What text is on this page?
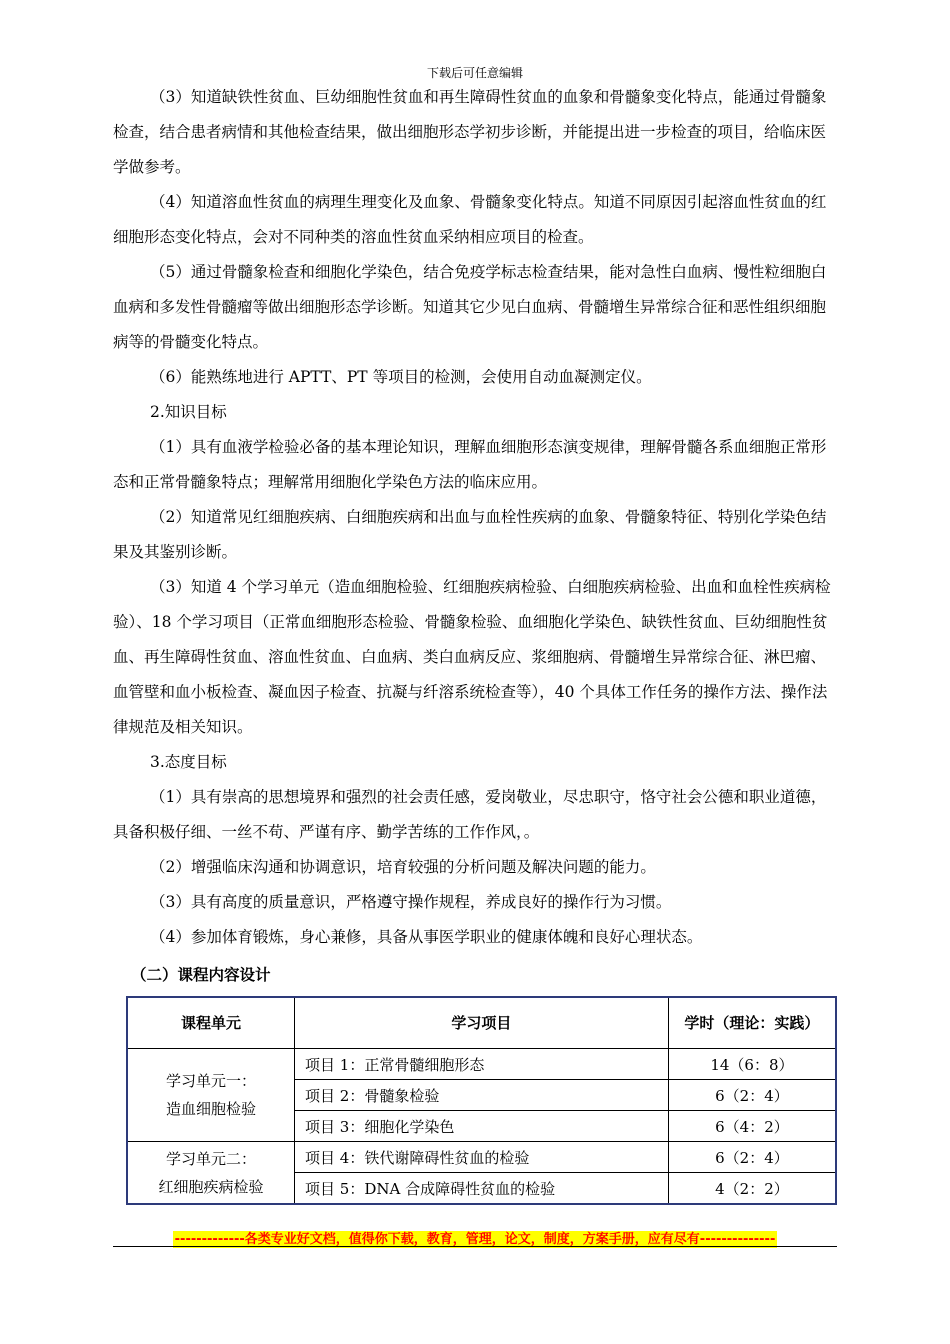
下载后可任意编辑

（3）知道缺铁性贫血、巨幼细胞性贫血和再生障碍性贫血的血象和骨髓象变化特点，能通过骨髓象检查，结合患者病情和其他检查结果，做出细胞形态学初步诊断，并能提出进一步检查的项目，给临床医学做参考。

（4）知道溶血性贫血的病理生理变化及血象、骨髓象变化特点。知道不同原因引起溶血性贫血的红细胞形态变化特点，会对不同种类的溶血性贫血采纳相应项目的检查。

（5）通过骨髓象检查和细胞化学染色，结合免疫学标志检查结果，能对急性白血病、慢性粒细胞白血病和多发性骨髓瘤等做出细胞形态学诊断。知道其它少见白血病、骨髓增生异常综合征和恶性组织细胞病等的骨髓变化特点。

（6）能熟练地进行 APTT、PT 等项目的检测，会使用自动血凝测定仪。

2.知识目标

（1）具有血液学检验必备的基本理论知识，理解血细胞形态演变规律，理解骨髓各系血细胞正常形态和正常骨髓象特点；理解常用细胞化学染色方法的临床应用。

（2）知道常见红细胞疾病、白细胞疾病和出血与血栓性疾病的血象、骨髓象特征、特别化学染色结果及其鉴别诊断。

（3）知道 4 个学习单元（造血细胞检验、红细胞疾病检验、白细胞疾病检验、出血和血栓性疾病检验）、18 个学习项目（正常血细胞形态检验、骨髓象检验、血细胞化学染色、缺铁性贫血、巨幼细胞性贫血、再生障碍性贫血、溶血性贫血、白血病、类白血病反应、浆细胞病、骨髓增生异常综合征、淋巴瘤、血管壁和血小板检查、凝血因子检查、抗凝与纤溶系统检查等），40 个具体工作任务的操作方法、操作法律规范及相关知识。

3.态度目标

（1）具有崇高的思想境界和强烈的社会责任感，爱岗敬业，尽忠职守，恪守社会公德和职业道德，具备积极仔细、一丝不苟、严谨有序、勤学苦练的工作作风，。

（2）增强临床沟通和协调意识，培育较强的分析问题及解决问题的能力。

（3）具有高度的质量意识，严格遵守操作规程，养成良好的操作行为习惯。

（4）参加体育锻炼，身心兼修，具备从事医学职业的健康体魄和良好心理状态。

（二）课程内容设计
课程单元	学习项目	学时（理论：实践）

学习单元一：
造血细胞检验	项目 1：正常骨髓细胞形态	14（6：8）
	项目 2：骨髓象检验	6（2：4）
	项目 3：细胞化学染色	6（4：2）

学习单元二：
红细胞疾病检验	项目 4：铁代谢障碍性贫血的检验	6（2：4）
	项目 5：DNA 合成障碍性贫血的检验	4（2：2）
-------------各类专业好文档，值得你下载，教育，管理，论文，制度，方案手册，应有尽有--------------
